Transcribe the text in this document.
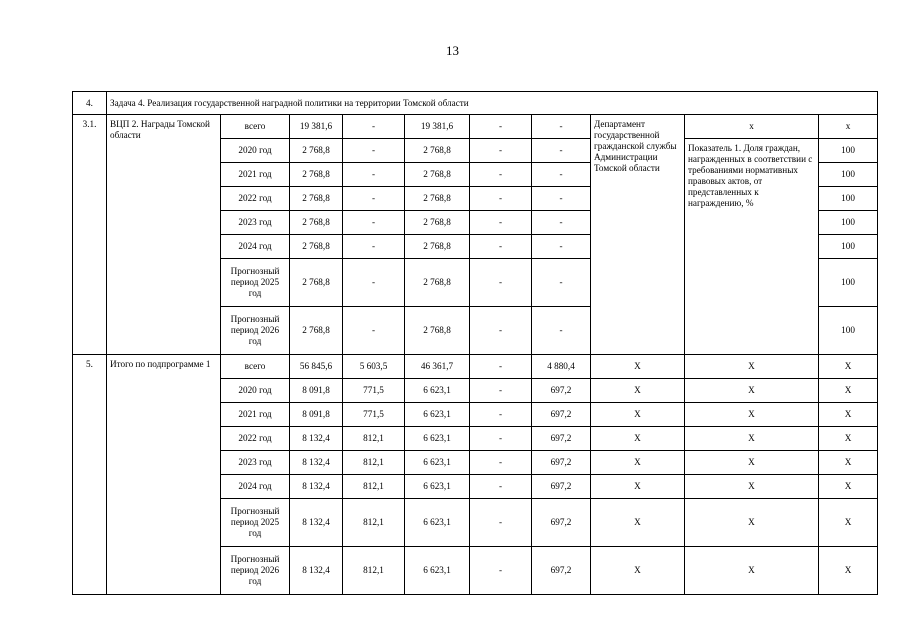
13
4.	Задача 4. Реализация государственной наградной политики на территории Томской области									
3.1.	ВЦП 2. Награды Томской области	всего	19 381,6	-	19 381,6	-	-	Департамент государственной гражданской службы Администрации Томской области	х	х
		2020 год	2 768,8	-	2 768,8	-	-		Показатель 1. Доля граждан, награжденных в соответствии с требованиями нормативных правовых актов, от представленных к награждению, %	100
		2021 год	2 768,8	-	2 768,8	-	-			100
		2022 год	2 768,8	-	2 768,8	-	-			100
		2023 год	2 768,8	-	2 768,8	-	-			100
		2024 год	2 768,8	-	2 768,8	-	-			100
		Прогнозный период 2025 год	2 768,8	-	2 768,8	-	-			100
		Прогнозный период 2026 год	2 768,8	-	2 768,8	-	-			100
5.	Итого по подпрограмме 1	всего	56 845,6	5 603,5	46 361,7	-	4 880,4	Х	Х	Х
		2020 год	8 091,8	771,5	6 623,1	-	697,2	Х	Х	Х
		2021 год	8 091,8	771,5	6 623,1	-	697,2	Х	Х	Х
		2022 год	8 132,4	812,1	6 623,1	-	697,2	Х	Х	Х
		2023 год	8 132,4	812,1	6 623,1	-	697,2	Х	Х	Х
		2024 год	8 132,4	812,1	6 623,1	-	697,2	Х	Х	Х
		Прогнозный период 2025 год	8 132,4	812,1	6 623,1	-	697,2	Х	Х	Х
		Прогнозный период 2026 год	8 132,4	812,1	6 623,1	-	697,2	Х	Х	Х
